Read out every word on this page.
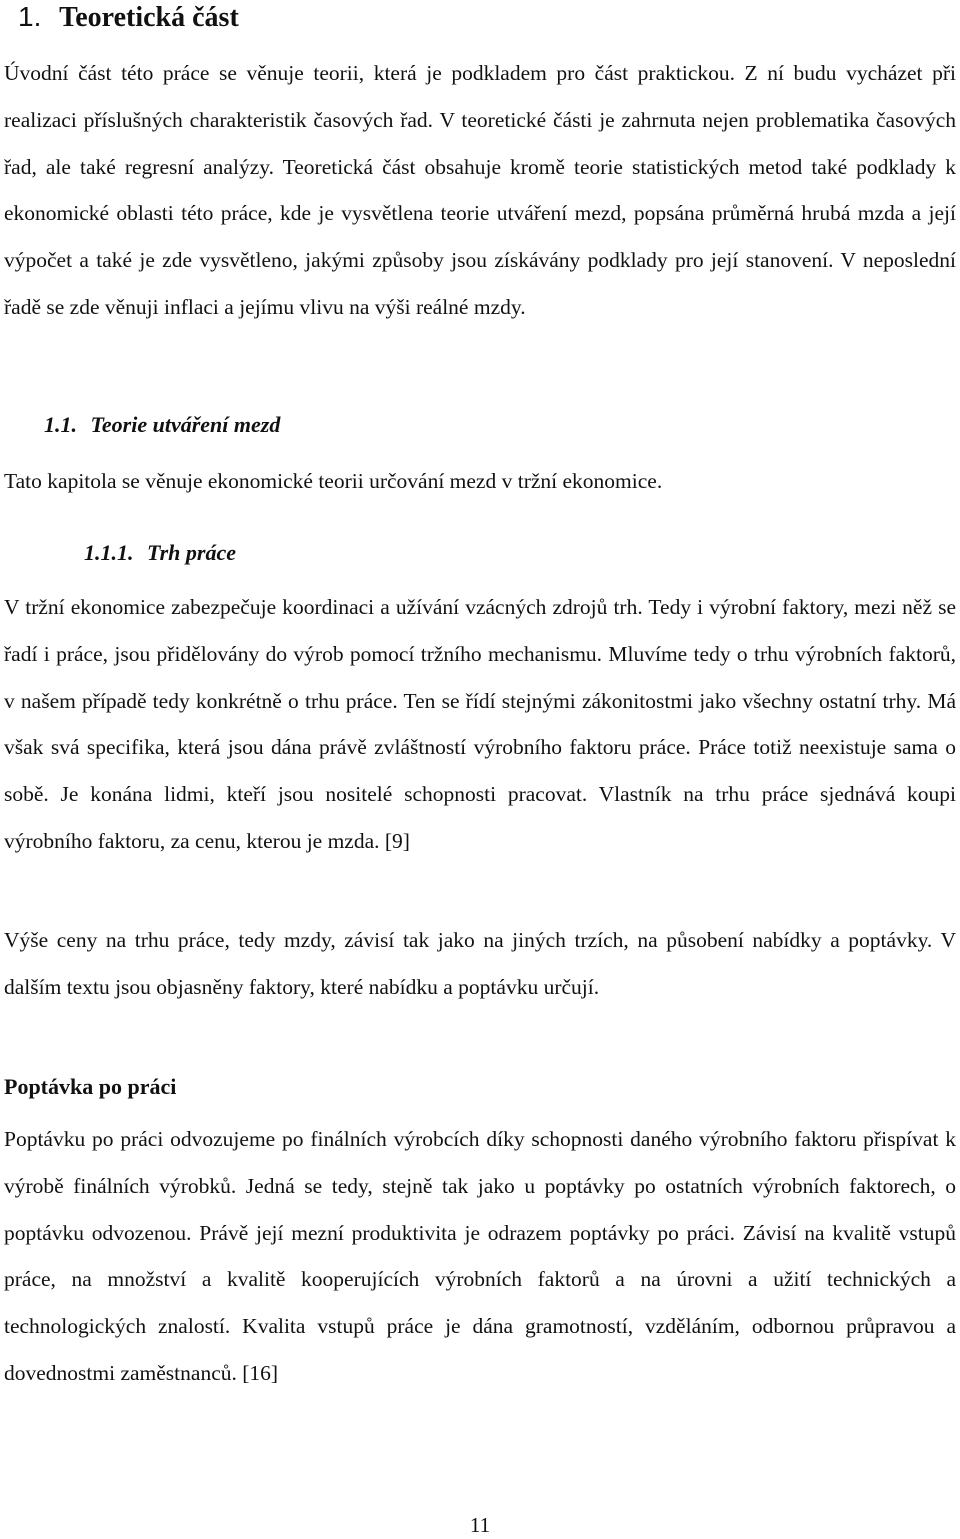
1. Teoretická část

Úvodní část této práce se věnuje teorii, která je podkladem pro část praktickou. Z ní budu vycházet při realizaci příslušných charakteristik časových řad. V teoretické části je zahrnuta nejen problematika časových řad, ale také regresní analýzy. Teoretická část obsahuje kromě teorie statistických metod také podklady k ekonomické oblasti této práce, kde je vysvětlena teorie utváření mezd, popsána průměrná hrubá mzda a její výpočet a také je zde vysvětleno, jakými způsoby jsou získávány podklady pro její stanovení. V neposlední řadě se zde věnuji inflaci a jejímu vlivu na výši reálné mzdy.

1.1. Teorie utváření mezd

Tato kapitola se věnuje ekonomické teorii určování mezd v tržní ekonomice.

1.1.1. Trh práce

V tržní ekonomice zabezpečuje koordinaci a užívání vzácných zdrojů trh. Tedy i výrobní faktory, mezi něž se řadí i práce, jsou přidělovány do výrob pomocí tržního mechanismu. Mluvíme tedy o trhu výrobních faktorů, v našem případě tedy konkrétně o trhu práce. Ten se řídí stejnými zákonitostmi jako všechny ostatní trhy. Má však svá specifika, která jsou dána právě zvláštností výrobního faktoru práce. Práce totiž neexistuje sama o sobě. Je konána lidmi, kteří jsou nositelé schopnosti pracovat. Vlastník na trhu práce sjednává koupi výrobního faktoru, za cenu, kterou je mzda. [9]

Výše ceny na trhu práce, tedy mzdy, závisí tak jako na jiných trzích, na působení nabídky a poptávky. V dalším textu jsou objasněny faktory, které nabídku a poptávku určují.

Poptávka po práci

Poptávku po práci odvozujeme po finálních výrobcích díky schopnosti daného výrobního faktoru přispívat k výrobě finálních výrobků. Jedná se tedy, stejně tak jako u poptávky po ostatních výrobních faktorech, o poptávku odvozenou. Právě její mezní produktivita je odrazem poptávky po práci. Závisí na kvalitě vstupů práce, na množství a kvalitě kooperujících výrobních faktorů a na úrovni a užití technických a technologických znalostí. Kvalita vstupů práce je dána gramotností, vzděláním, odbornou průpravou a dovednostmi zaměstnanců. [16]

11
